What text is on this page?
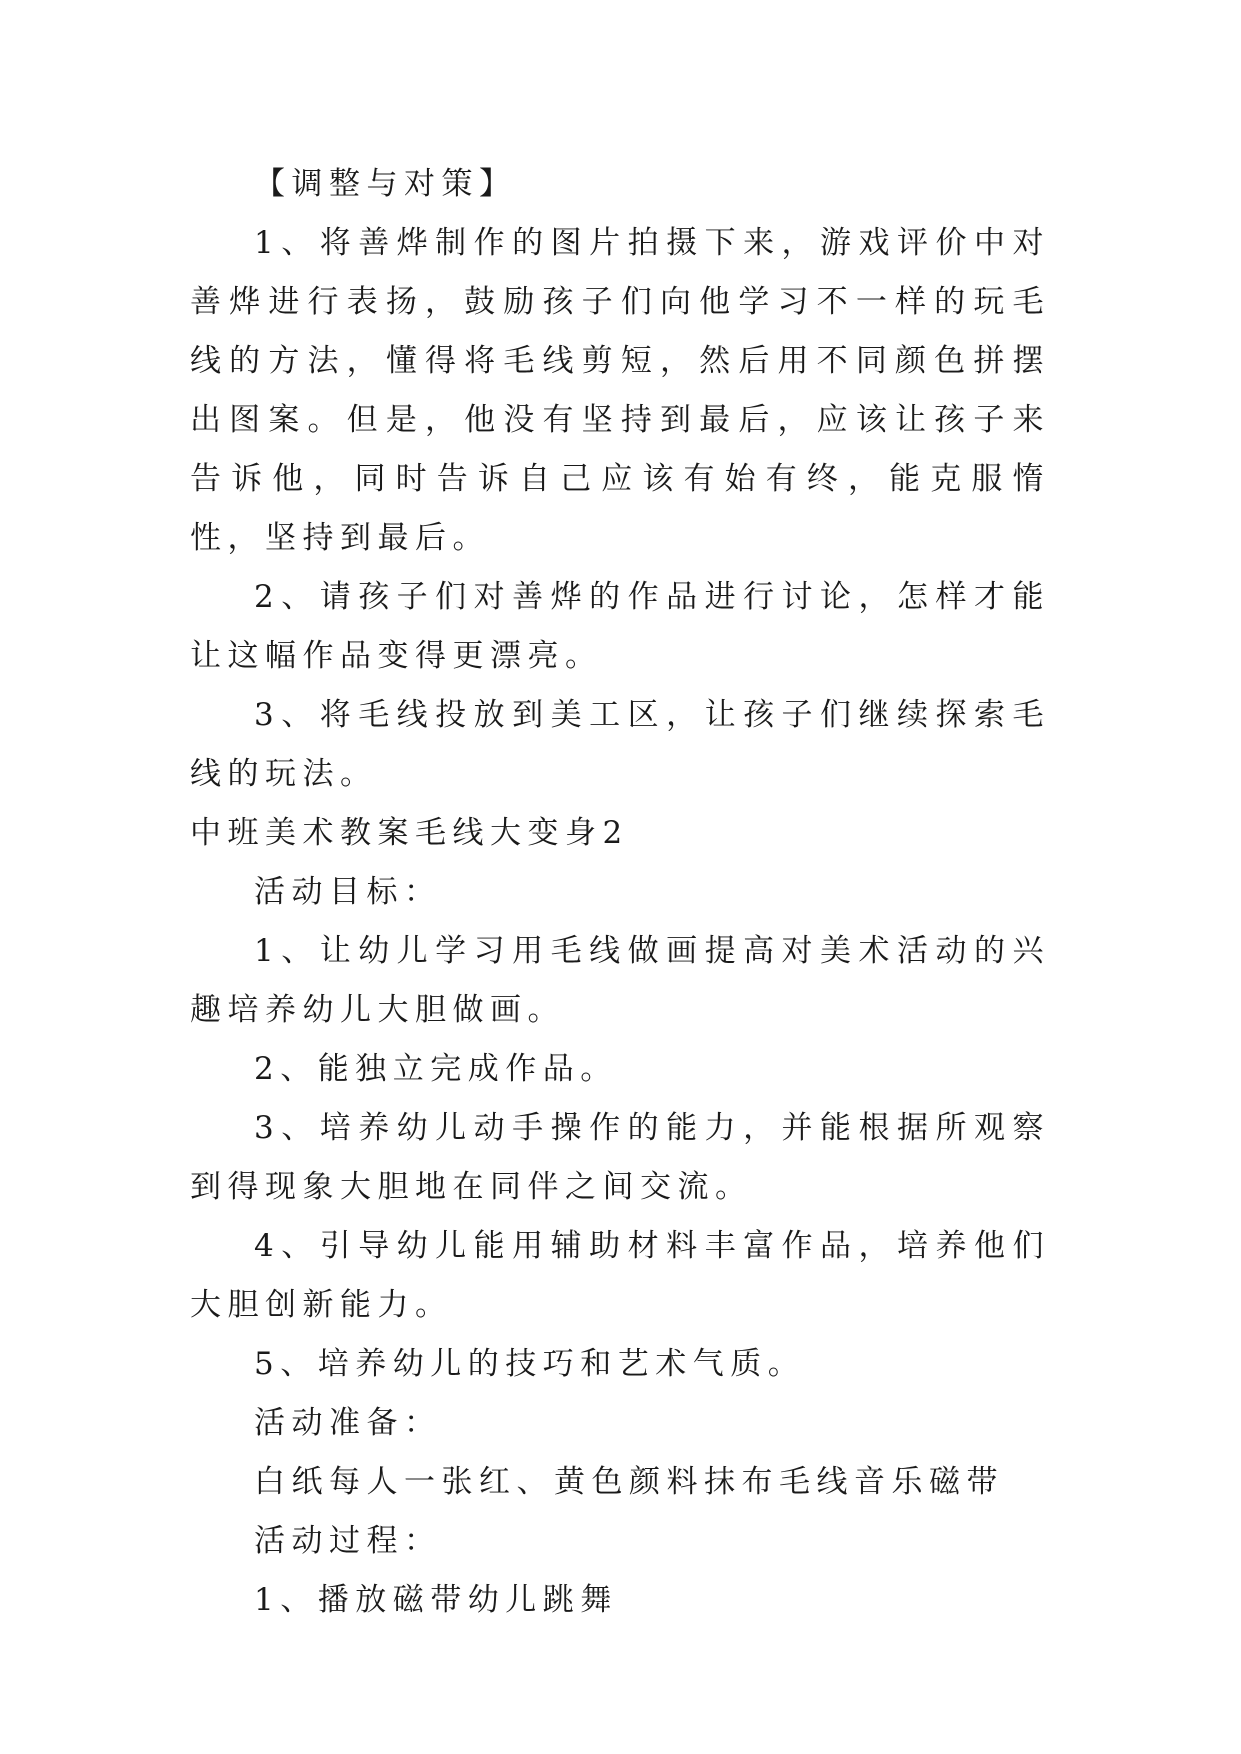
【调整与对策】

1、将善烨制作的图片拍摄下来，游戏评价中对善烨进行表扬，鼓励孩子们向他学习不一样的玩毛线的方法，懂得将毛线剪短，然后用不同颜色拼摆出图案。但是，他没有坚持到最后，应该让孩子来告诉他，同时告诉自己应该有始有终，能克服惰性，坚持到最后。

2、请孩子们对善烨的作品进行讨论，怎样才能让这幅作品变得更漂亮。

3、将毛线投放到美工区，让孩子们继续探索毛线的玩法。

中班美术教案毛线大变身2

活动目标：

1、让幼儿学习用毛线做画提高对美术活动的兴趣培养幼儿大胆做画。

2、能独立完成作品。

3、培养幼儿动手操作的能力，并能根据所观察到得现象大胆地在同伴之间交流。

4、引导幼儿能用辅助材料丰富作品，培养他们大胆创新能力。

5、培养幼儿的技巧和艺术气质。

活动准备：

白纸每人一张红、黄色颜料抹布毛线音乐磁带

活动过程：

1、播放磁带幼儿跳舞
